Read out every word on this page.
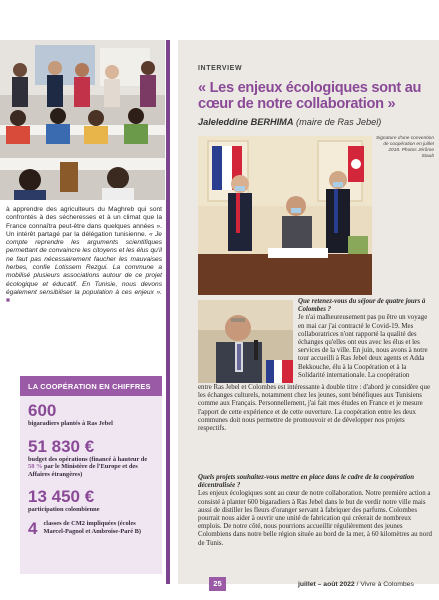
à apprendre des agriculteurs du Maghreb qui sont confrontés à des sécheresses et à un climat que la France connaîtra peut-être dans quelques années ». Un intérêt partagé par la délégation tunisienne. « Je compte reprendre les arguments scientifiques permettant de convaincre les citoyens et les élus qu'il ne faut pas nécessairement faucher les mauvaises herbes, confie Lotissem Rezgui. La commune a mobilisé plusieurs associations autour de ce projet écologique et éducatif. En Tunisie, nous devons également sensibiliser la population à ces enjeux ». ■
LA COOPÉRATION EN CHIFFRES
600
bigaradiers plantés à Ras Jebel
51 830 €
budget des opérations (financé à hauteur de 58 % par le Ministère de l'Europe et des Affaires étrangères)
13 450 €
participation colombienne
4 classes de CM2 impliquées (écoles Marcel-Pagnol et Ambroise-Paré B)
INTERVIEW
« Les enjeux écologiques sont au cœur de notre collaboration »
Jaleleddine BERHIMA (maire de Ras Jebel)
Signature d'une convention de coopération en juillet 2018. Photos Jérôme Staub
Que retenez-vous du séjour de quatre jours à Colombes ?
Je n'ai malheureusement pas pu être un voyage en mai car j'ai contracté le Covid-19. Mes collaboratrices n'ont rapporté la qualité des échanges qu'elles ont eus avec les élus et les services de la ville. En juin, nous avons à notre tour accueilli à Ras Jebel deux agents et Adda Bekkouche, élu à la Coopération et à la Solidarité internationale. La coopération
entre Ras Jebel et Colombes est intéressante à double titre : d'abord je considère que les échanges culturels, notamment chez les jeunes, sont bénéfiques aux Tunisiens comme aux Français. Personnellement, j'ai fait mes études en France et je mesure l'apport de cette expérience et de cette ouverture. La coopération entre les deux communes doit nous permettre de promouvoir et de développer nos projets respectifs.
Quels projets souhaitez-vous mettre en place dans le cadre de la coopération décentralisée ?
Les enjeux écologiques sont au cœur de notre collaboration. Notre première action a consisté à planter 600 bigaradiers à Ras Jebel dans le but de verdir notre ville mais aussi de distiller les fleurs d'oranger servant à fabriquer des parfums. Colombes pourrait nous aider à ouvrir une unité de fabrication qui créerait de nombreux emplois. De notre côté, nous pourrions accueillir régulièrement des jeunes Colombiens dans notre belle région située au bord de la mer, à 60 kilomètres au nord de Tunis.
25	juillet – août 2022 / Vivre à Colombes
